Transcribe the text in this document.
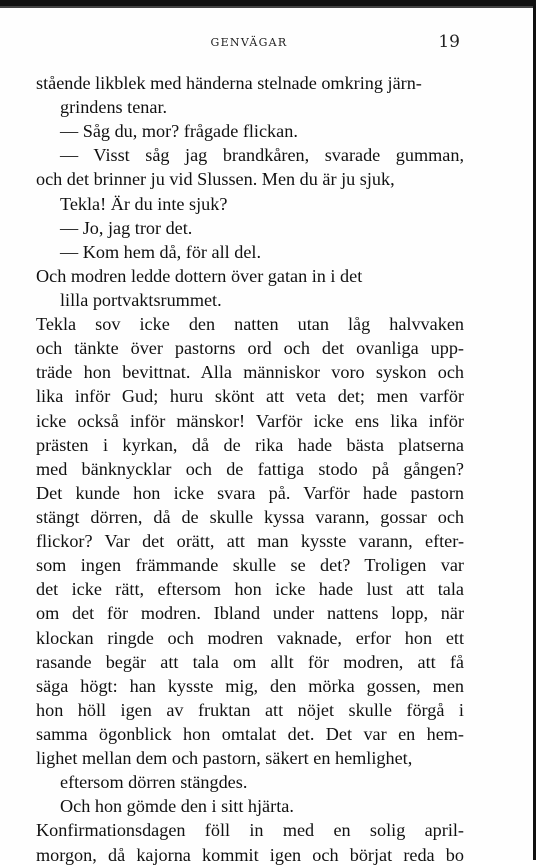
GENVÄGAR	19
stående likblek med händerna stelnade omkring järn-
grindens tenar.
— Såg du, mor? frågade flickan.
— Visst såg jag brandkåren, svarade gumman,
och det brinner ju vid Slussen. Men du är ju sjuk,
Tekla! Är du inte sjuk?
— Jo, jag tror det.
— Kom hem då, för all del.
Och modren ledde dottern över gatan in i det
lilla portvaktsrummet.
Tekla sov icke den natten utan låg halvvaken
och tänkte över pastorns ord och det ovanliga upp-
träde hon bevittnat. Alla människor voro syskon och
lika inför Gud; huru skönt att veta det; men varför
icke också inför mänskor! Varför icke ens lika inför
prästen i kyrkan, då de rika hade bästa platserna
med bänknycklar och de fattiga stodo på gången?
Det kunde hon icke svara på. Varför hade pastorn
stängt dörren, då de skulle kyssa varann, gossar och
flickor? Var det orätt, att man kysste varann, efter-
som ingen främmande skulle se det? Troligen var
det icke rätt, eftersom hon icke hade lust att tala
om det för modren. Ibland under nattens lopp, när
klockan ringde och modren vaknade, erfor hon ett
rasande begär att tala om allt för modren, att få
säga högt: han kysste mig, den mörka gossen, men
hon höll igen av fruktan att nöjet skulle förgå i
samma ögonblick hon omtalat det. Det var en hem-
lighet mellan dem och pastorn, säkert en hemlighet,
eftersom dörren stängdes.
Och hon gömde den i sitt hjärta.
Konfirmationsdagen föll in med en solig april-
morgon, då kajorna kommit igen och börjat reda bo
